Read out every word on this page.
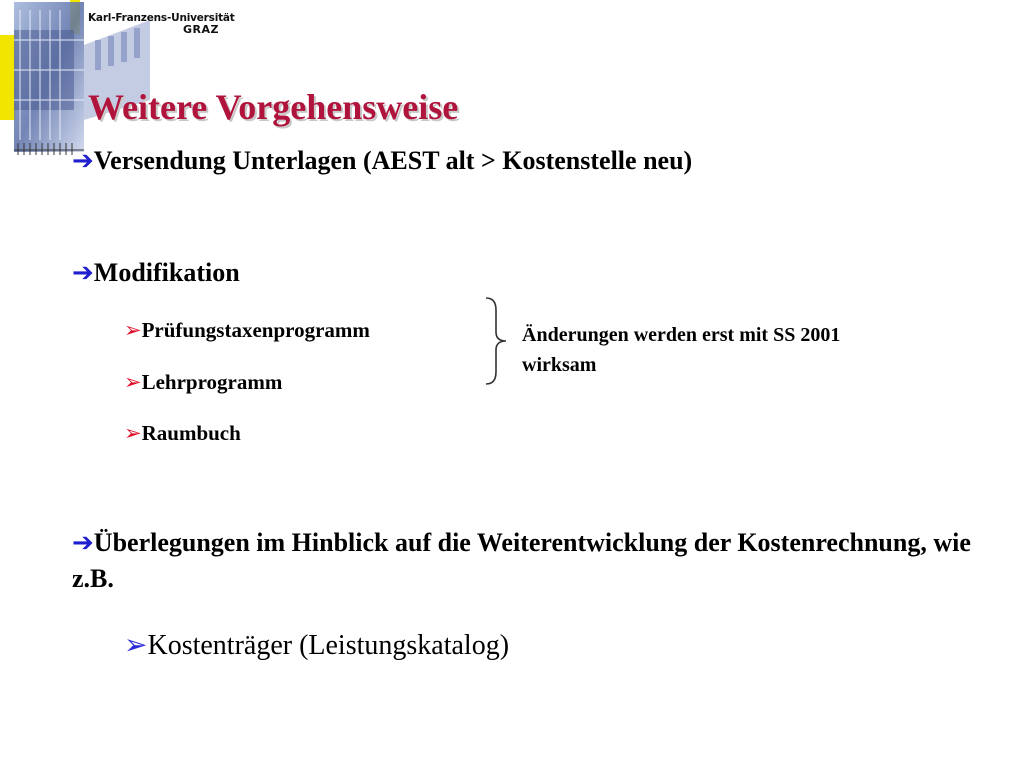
Karl-Franzens-Universität
GRAZ
Weitere Vorgehensweise
➔Versendung Unterlagen (AEST alt > Kostenstelle neu)
➔Modifikation
➢Prüfungstaxenprogramm
➢Lehrprogramm
➢Raumbuch
Änderungen werden erst mit SS 2001 wirksam
➔Überlegungen im Hinblick auf die Weiterentwicklung der Kostenrechnung, wie z.B.
➢Kostenträger (Leistungskatalog)
